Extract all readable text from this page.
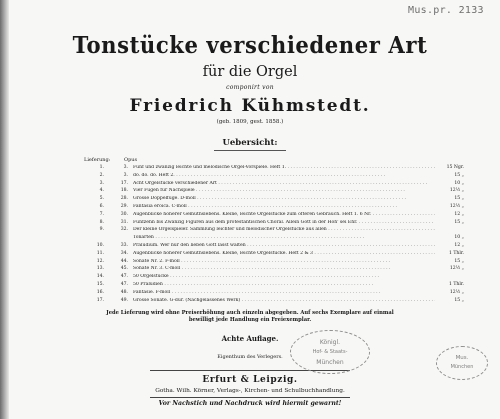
Mus.pr. 2133
Tonstücke verschiedener Art
für die Orgel
componirt von
Friedrich Kühmstedt.
(geb. 1809, gest. 1858.)
Uebersicht:
Lieferung:	Opus
1.	3. Fünf und zwanzig leichte und melodische Orgel-Vorspiele. Heft 1. . . .	15 Ngr.
2.	3. do. do. do. Heft 2. . . .	15 „
3.	17. Acht Orgelstücke verschiedener Art . . .	10 „
4.	18. Vier Fugen für Nachspiele . . .	12½ „
5.	28. Grosse Doppelfuge. D-moll . . .	15 „
6.	29. Fantasia eroica. C-moll . . .	12½ „
7.	30. Augenblicke höherer Gemüthslebens. Kleine, leichte Orgelstücke zum ofteren Gebrauch. Heft 1. 6 Nr. . . .	12 „
8.	31. Fünfzehn bis Zwanzig Figuren aus dem protestantischen Choral. Allein Gott in der Höh' sei Ehr. . . .	15 „
9.	32. Der kleine Orgelspieler. Sammlung leichter und melodischer Orgelstücke aus allen . . .
Tonarten . . .	10 „
10.	33. Präludium. Wer nur den lieben Gott lässt walten . . .	12 „
11.	34. Augenblicke höherer Gemüthslebens. Kleine, leichte Orgelstücke. Heft 2 & 3 . . .	1 Thlr.
12.	44. Sonate Nr. 2. F-moll . . .	15 „
13.	45. Sonate Nr. 3. C-moll . . .	12½ „
14.	47. 50 Orgelstücke . . .
15.	47. 50 Präludien . . .	1 Thlr.
16.	48. Fantasie. F-moll . . .	12½ „
17.	49. Grosse Sonate. G-dur. (Nachgelassenes Werk) . . .	15 „
Jede Lieferung wird ohne Preiserhöhung auch einzeln abgegeben. Auf sechs Exemplare auf einmal
bewilligt jede Handlung ein Freiexemplar.
Achte Auflage.
Eigenthum des Verlegers.
Erfurt & Leipzig.
Gotha. Wilh. Körner, Verlags-, Kirchen- und Schulbuchhandlung.
Vor Nachstich und Nachdruck wird hiermit gewarnt!
Königl.
Hof- & Staats-
München
Mus.
München
